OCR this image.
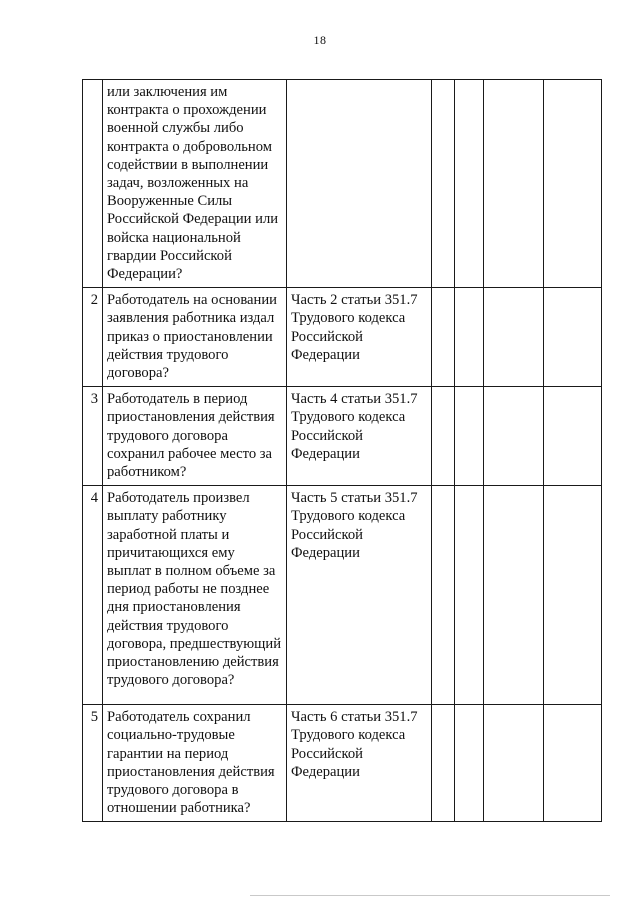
18
	или заключения им контракта о прохождении военной службы либо контракта о добровольном содействии в выполнении задач, возложенных на Вооруженные Силы Российской Федерации или войска национальной гвардии Российской Федерации?					
2	Работодатель на основании заявления работника издал приказ о приостановлении действия трудового договора?	Часть 2 статьи 351.7 Трудового кодекса Российской Федерации				
3	Работодатель в период приостановления действия трудового договора сохранил рабочее место за работником?	Часть 4 статьи 351.7 Трудового кодекса Российской Федерации				
4	Работодатель произвел выплату работнику заработной платы и причитающихся ему выплат в полном объеме за период работы не позднее дня приостановления действия трудового договора, предшествующий приостановлению действия трудового договора?	Часть 5 статьи 351.7 Трудового кодекса Российской Федерации				
5	Работодатель сохранил социально-трудовые гарантии на период приостановления действия трудового договора в отношении работника?	Часть 6 статьи 351.7 Трудового кодекса Российской Федерации				
